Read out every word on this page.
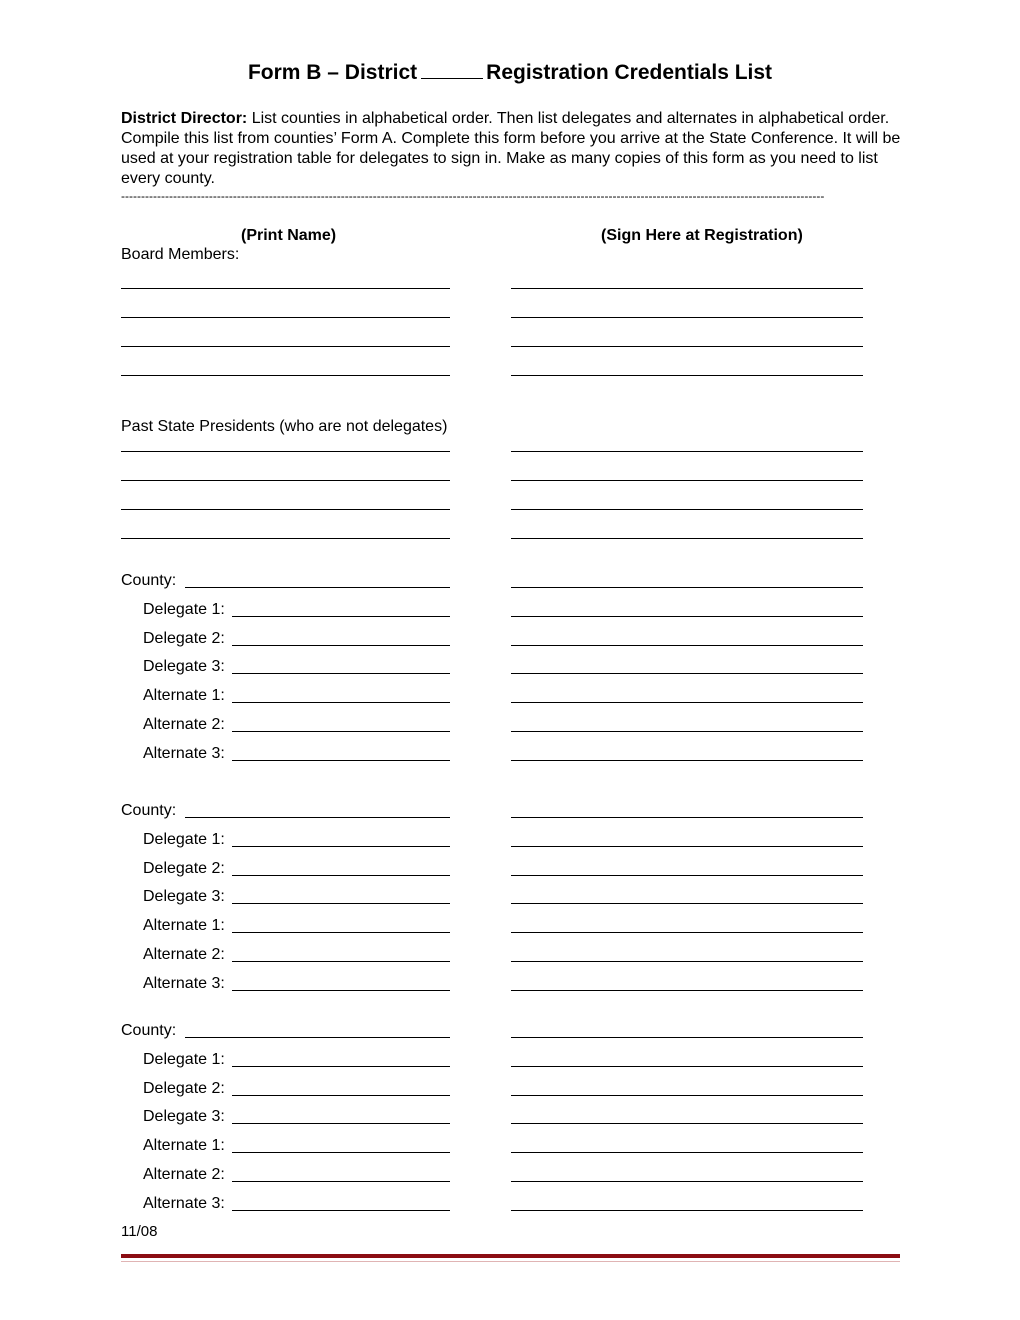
Form B – District	Registration Credentials List
District Director: List counties in alphabetical order. Then list delegates and alternates in alphabetical order. Compile this list from counties’ Form A. Complete this form before you arrive at the State Conference. It will be used at your registration table for delegates to sign in. Make as many copies of this form as you need to list every county.
--------------------------------------------------------------------------------------------------------------------------------------------------------------------------------
(Print Name)	(Sign Here at Registration)
Board Members:
Past State Presidents (who are not delegates)
County:
Delegate 1:
Delegate 2:
Delegate 3:
Alternate 1:
Alternate 2:
Alternate 3:
County:
Delegate 1:
Delegate 2:
Delegate 3:
Alternate 1:
Alternate 2:
Alternate 3:
County:
Delegate 1:
Delegate 2:
Delegate 3:
Alternate 1:
Alternate 2:
Alternate 3:
11/08
